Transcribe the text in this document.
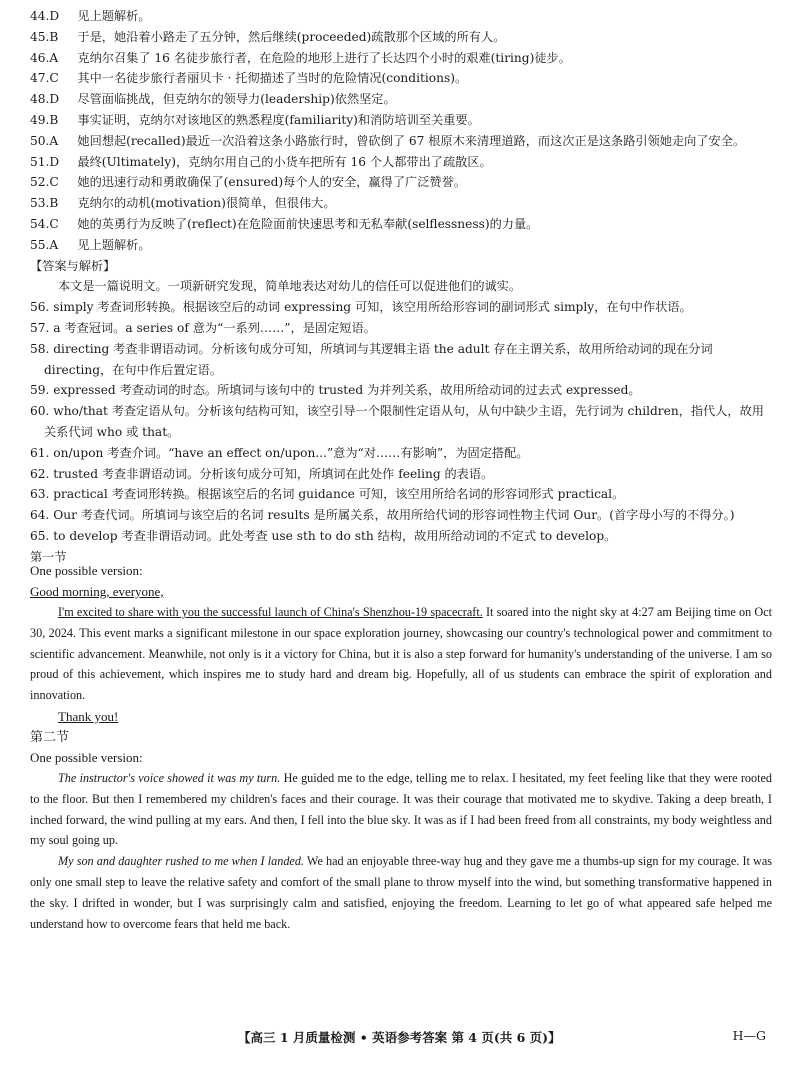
44.D 见上题解析。
45.B 于是，她沿着小路走了五分钟，然后继续(proceeded)疏散那个区域的所有人。
46.A 克纳尔召集了 16 名徒步旅行者，在危险的地形上进行了长达四个小时的艰难(tiring)徒步。
47.C 其中一名徒步旅行者丽贝卡 · 托彻描述了当时的危险情况(conditions)。
48.D 尽管面临挑战，但克纳尔的领导力(leadership)依然坚定。
49.B 事实证明，克纳尔对该地区的熟悉程度(familiarity)和消防培训至关重要。
50.A 她回想起(recalled)最近一次沿着这条小路旅行时，曾砍倒了 67 根原木来清理道路，而这次正是这条路引领她走向了安全。
51.D 最终(Ultimately)，克纳尔用自己的小货车把所有 16 个人都带出了疏散区。
52.C 她的迅速行动和勇敢确保了(ensured)每个人的安全，赢得了广泛赞誉。
53.B 克纳尔的动机(motivation)很简单，但很伟大。
54.C 她的英勇行为反映了(reflect)在危险面前快速思考和无私奉献(selflessness)的力量。
55.A 见上题解析。
【答案与解析】
本文是一篇说明文。一项新研究发现，简单地表达对幼儿的信任可以促进他们的诚实。
56. simply 考查词形转换。根据该空后的动词 expressing 可知，该空用所给形容词的副词形式 simply，在句中作状语。
57. a 考查冠词。a series of 意为“一系列……”，是固定短语。
58. directing 考查非谓语动词。分析该句成分可知，所填词与其逻辑主语 the adult 存在主谓关系，故用所给动词的现在分词
directing，在句中作后置定语。
59. expressed 考查动词的时态。所填词与该句中的 trusted 为并列关系，故用所给动词的过去式 expressed。
60. who/that 考查定语从句。分析该句结构可知，该空引导一个限制性定语从句，从句中缺少主语，先行词为 children，指代人，故用
关系代词 who 或 that。
61. on/upon 考查介词。“have an effect on/upon...”意为“对……有影响”，为固定搭配。
62. trusted 考查非谓语动词。分析该句成分可知，所填词在此处作 feeling 的表语。
63. practical 考查词形转换。根据该空后的名词 guidance 可知，该空用所给名词的形容词形式 practical。
64. Our 考查代词。所填词与该空后的名词 results 是所属关系，故用所给代词的形容词性物主代词 Our。(首字母小写的不得分。)
65. to develop 考查非谓语动词。此处考查 use sth to do sth 结构，故用所给动词的不定式 to develop。
第一节
One possible version:
Good morning, everyone,

I'm excited to share with you the successful launch of China's Shenzhou-19 spacecraft. It soared into the night sky at 4:27 am Beijing time on Oct 30, 2024. This event marks a significant milestone in our space exploration journey, showcasing our country's technological power and commitment to scientific advancement. Meanwhile, not only is it a victory for China, but it is also a step forward for humanity's understanding of the universe. I am so proud of this achievement, which inspires me to study hard and dream big. Hopefully, all of us students can embrace the spirit of exploration and innovation.

Thank you!
第二节
One possible version:

The instructor's voice showed it was my turn. He guided me to the edge, telling me to relax. I hesitated, my feet feeling like that they were rooted to the floor. But then I remembered my children's faces and their courage. It was their courage that motivated me to skydive. Taking a deep breath, I inched forward, the wind pulling at my ears. And then, I fell into the blue sky. It was as if I had been freed from all constraints, my body weightless and my soul going up.

My son and daughter rushed to me when I landed. We had an enjoyable three-way hug and they gave me a thumbs-up sign for my courage. It was only one small step to leave the relative safety and comfort of the small plane to throw myself into the wind, but something transformative happened in the sky. I drifted in wonder, but I was surprisingly calm and satisfied, enjoying the freedom. Learning to let go of what appeared safe helped me understand how to overcome fears that held me back.

【高三 1 月质量检测 • 英语参考答案 第 4 页(共 6 页)】	H—G
